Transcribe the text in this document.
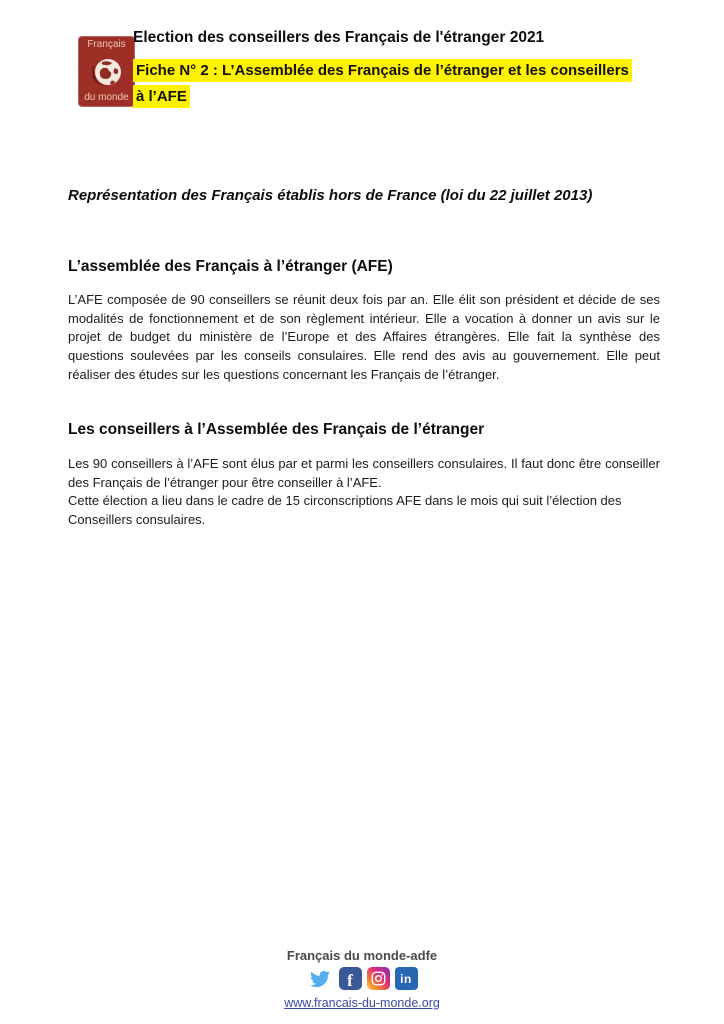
Français
du monde
Election des conseillers des Français de l'étranger 2021
Fiche N° 2 : L’Assemblée des Français de l’étranger et les conseillers à l’AFE
Représentation des Français établis hors de France (loi du 22 juillet 2013)
L’assemblée des Français à l’étranger (AFE)
L’AFE composée de 90 conseillers se réunit deux fois par an. Elle élit son président et décide de ses modalités de fonctionnement et de son règlement intérieur. Elle a vocation à donner un avis sur le projet de budget du ministère de l’Europe et des Affaires étrangères. Elle fait la synthèse des questions soulevées par les conseils consulaires. Elle rend des avis au gouvernement. Elle peut réaliser des études sur les questions concernant les Français de l’étranger.
Les conseillers à l’Assemblée des Français de l’étranger

Les 90 conseillers à l’AFE sont élus par et parmi les conseillers consulaires. Il faut donc être conseiller des Français de l’étranger pour être conseiller à l’AFE.

Cette élection a lieu dans le cadre de 15 circonscriptions AFE dans le mois qui suit l’élection des Conseillers consulaires.

Français du monde-adfe
f	in
www.francais-du-monde.org
